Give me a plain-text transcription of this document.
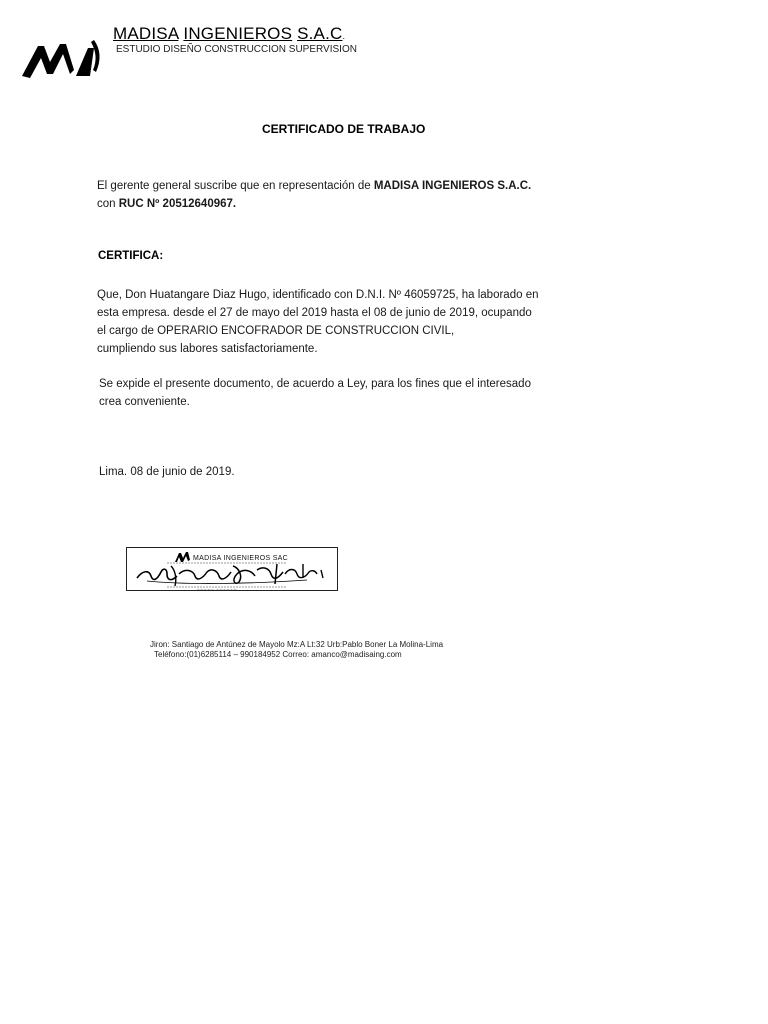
MADISA INGENIEROS S.A.C.
ESTUDIO DISEÑO CONSTRUCCION SUPERVISION
CERTIFICADO DE TRABAJO
El gerente general suscribe que en representación de MADISA INGENIEROS S.A.C.
con RUC Nº 20512640967.
CERTIFICA:
Que, Don Huatangare Diaz Hugo, identificado con D.N.I. Nº 46059725, ha laborado en
esta empresa. desde el 27 de mayo del 2019 hasta el 08 de junio de 2019, ocupando
el cargo de OPERARIO ENCOFRADOR DE CONSTRUCCION CIVIL,
cumpliendo sus labores satisfactoriamente.
Se expide el presente documento, de acuerdo a Ley, para los fines que el interesado
crea conveniente.
Lima. 08 de junio de 2019.
MADISA INGENIEROS SAC
~~~~~ ~~~~~~
Jiron: Santiago de Antúnez de Mayolo Mz:A Lt:32 Urb:Pablo Boner La Molina-Lima
Teléfono:(01)6285114 – 990184952 Correo: amanco@madisaing.com
